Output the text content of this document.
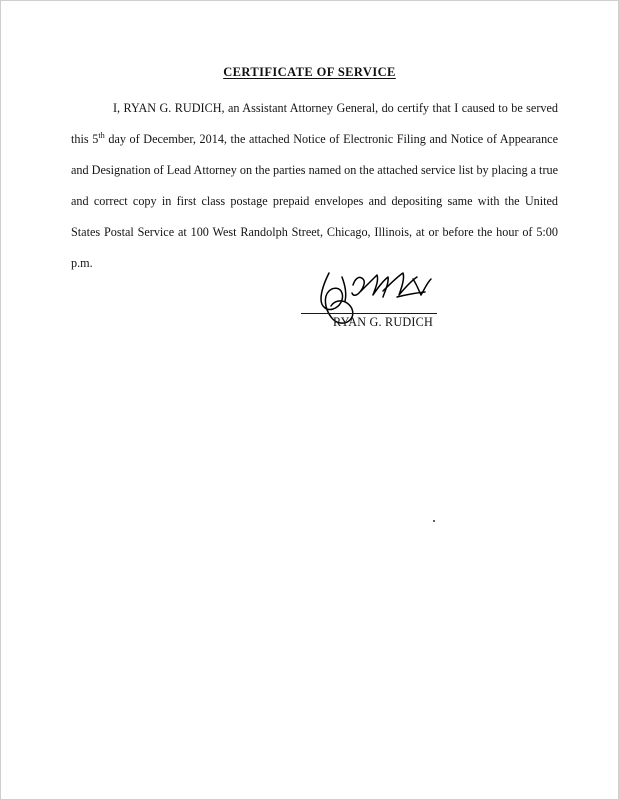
CERTIFICATE OF SERVICE

I, RYAN G. RUDICH, an Assistant Attorney General, do certify that I caused to be served this 5th day of December, 2014, the attached Notice of Electronic Filing and Notice of Appearance and Designation of Lead Attorney on the parties named on the attached service list by placing a true and correct copy in first class postage prepaid envelopes and depositing same with the United States Postal Service at 100 West Randolph Street, Chicago, Illinois, at or before the hour of 5:00 p.m.

RYAN G. RUDICH
